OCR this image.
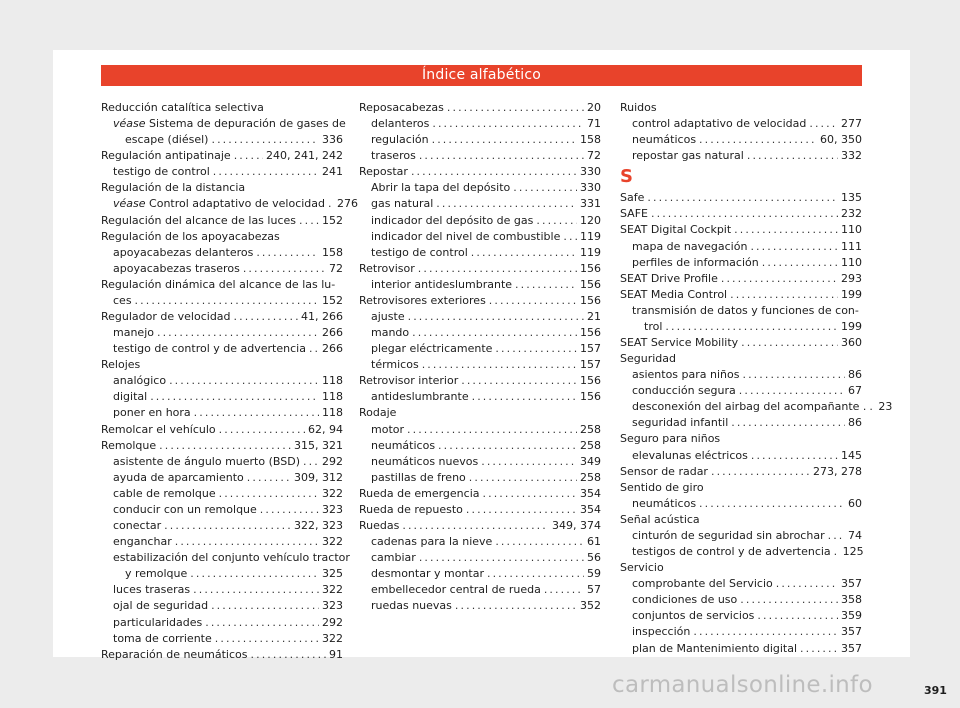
Índice alfabético
Reducción catalítica selectiva
véase Sistema de depuración de gases de
escape (diésel) .....	336
Regulación antipatinaje .....	240, 241, 242
testigo de control .....	241
Regulación de la distancia
véase Control adaptativo de velocidad ..... 276
Regulación del alcance de las luces ..... 152
Regulación de los apoyacabezas
apoyacabezas delanteros .....	158
apoyacabezas traseros .....	72
Regulación dinámica del alcance de las lu-
ces .....	152
Regulador de velocidad .....	41, 266
manejo .....	266
testigo de control y de advertencia ..... 266
Relojes
analógico .....	118
digital .....	118
poner en hora .....	118
Remolcar el vehículo .....	62, 94
Remolque .....	315, 321
asistente de ángulo muerto (BSD) ..... 292
ayuda de aparcamiento .....	309, 312
cable de remolque .....	322
conducir con un remolque .....	323
conectar .....	322, 323
enganchar .....	322
estabilización del conjunto vehículo tractor
y remolque .....	325
luces traseras .....	322
ojal de seguridad .....	323
particularidades .....	292
toma de corriente .....	322
Reparación de neumáticos .....	91
Reposacabezas .....	20
delanteros .....	71
regulación .....	158
traseros .....	72
Repostar .....	330
Abrir la tapa del depósito .....	330
gas natural .....	331
indicador del depósito de gas .....	120
indicador del nivel de combustible ..... 119
testigo de control .....	119
Retrovisor .....	156
interior antideslumbrante .....	156
Retrovisores exteriores .....	156
ajuste .....	21
mando .....	156
plegar eléctricamente .....	157
térmicos .....	157
Retrovisor interior .....	156
antideslumbrante .....	156
Rodaje
motor .....	258
neumáticos .....	258
neumáticos nuevos .....	349
pastillas de freno .....	258
Rueda de emergencia .....	354
Rueda de repuesto .....	354
Ruedas .....	349, 374
cadenas para la nieve .....	61
cambiar .....	56
desmontar y montar .....	59
embellecedor central de rueda .....	57
ruedas nuevas .....	352
Ruidos
control adaptativo de velocidad .....	277
neumáticos .....	60, 350
repostar gas natural .....	332
S
Safe .....	135
SAFE .....	232
SEAT Digital Cockpit .....	110
mapa de navegación .....	111
perfiles de información .....	110
SEAT Drive Profile .....	293
SEAT Media Control .....	199
transmisión de datos y funciones de con-
trol .....	199
SEAT Service Mobility .....	360
Seguridad
asientos para niños .....	86
conducción segura .....	67
desconexión del airbag del acompañante . ..... 23
seguridad infantil .....	86
Seguro para niños
elevalunas eléctricos .....	145
Sensor de radar .....	273, 278
Sentido de giro
neumáticos .....	60
Señal acústica
cinturón de seguridad sin abrochar ..... 74
testigos de control y de advertencia ..... 125
Servicio
comprobante del Servicio .....	357
condiciones de uso .....	358
conjuntos de servicios .....	359
inspección .....	357
plan de Mantenimiento digital .....	357
391
carmanualsonline.info
